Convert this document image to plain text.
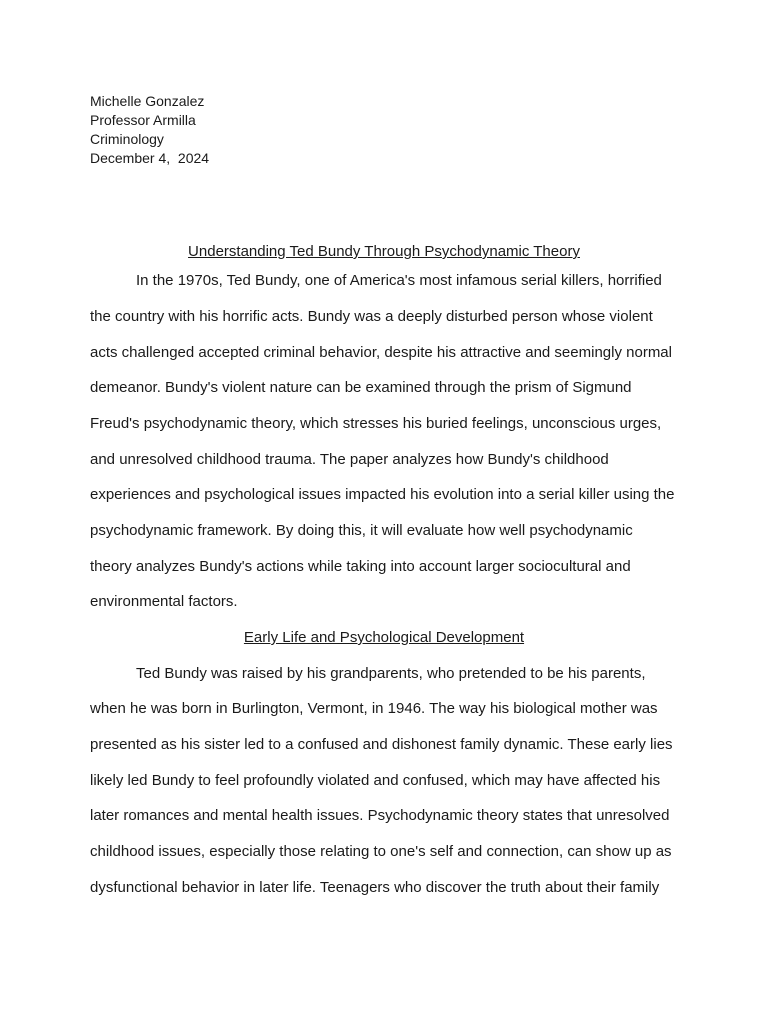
Michelle Gonzalez
Professor Armilla
Criminology
December 4,  2024
Understanding Ted Bundy Through Psychodynamic Theory
In the 1970s, Ted Bundy, one of America's most infamous serial killers, horrified
the country with his horrific acts. Bundy was a deeply disturbed person whose violent
acts challenged accepted criminal behavior, despite his attractive and seemingly normal
demeanor. Bundy's violent nature can be examined through the prism of Sigmund
Freud's psychodynamic theory, which stresses his buried feelings, unconscious urges,
and unresolved childhood trauma. The paper analyzes how Bundy's childhood
experiences and psychological issues impacted his evolution into a serial killer using the
psychodynamic framework. By doing this, it will evaluate how well psychodynamic
theory analyzes Bundy's actions while taking into account larger sociocultural and
environmental factors.
Early Life and Psychological Development
Ted Bundy was raised by his grandparents, who pretended to be his parents,
when he was born in Burlington, Vermont, in 1946. The way his biological mother was
presented as his sister led to a confused and dishonest family dynamic. These early lies
likely led Bundy to feel profoundly violated and confused, which may have affected his
later romances and mental health issues. Psychodynamic theory states that unresolved
childhood issues, especially those relating to one's self and connection, can show up as
dysfunctional behavior in later life. Teenagers who discover the truth about their family
